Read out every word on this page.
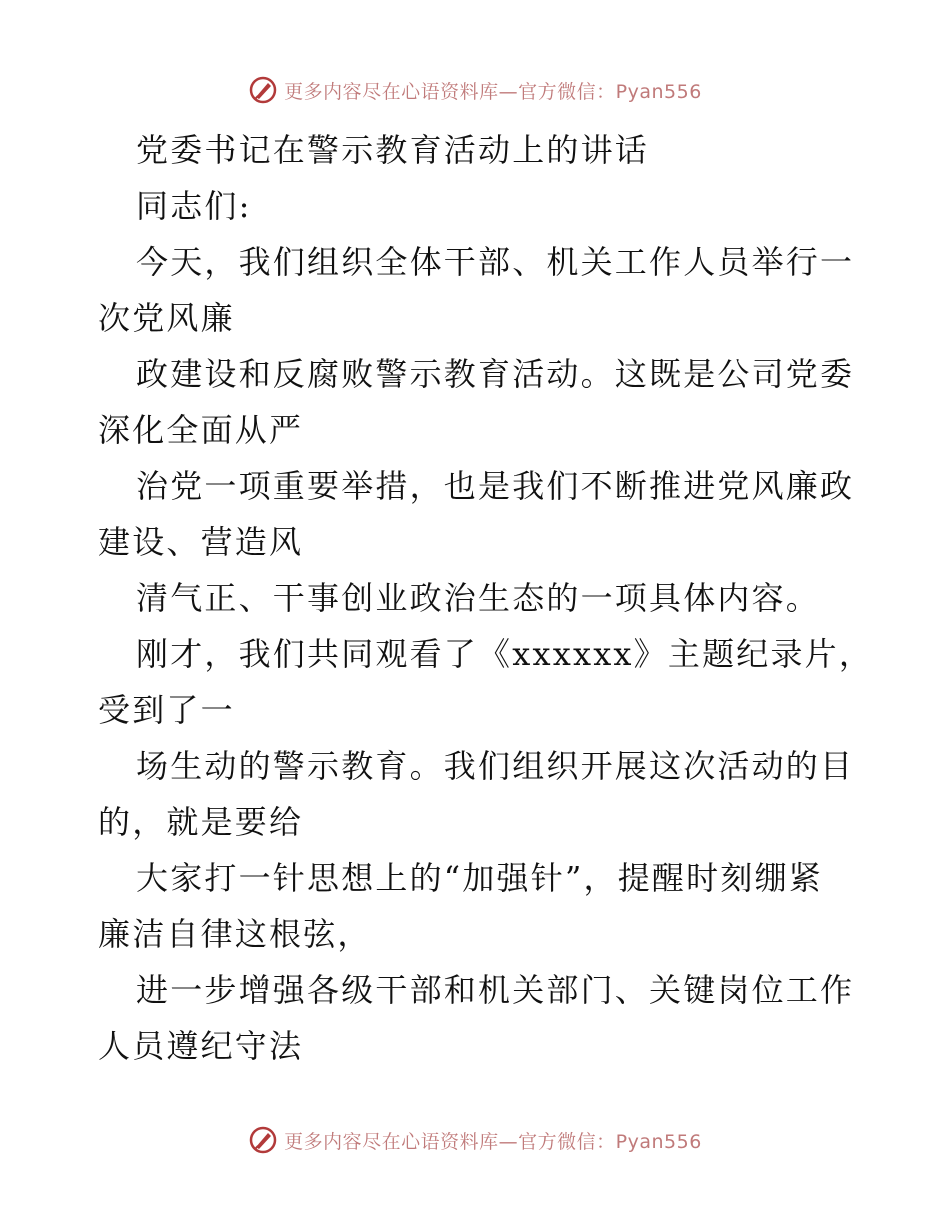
更多内容尽在心语资料库—官方微信：Pyan556
党委书记在警示教育活动上的讲话
同志们:
今天，我们组织全体干部、机关工作人员举行一
次党风廉
政建设和反腐败警示教育活动。这既是公司党委
深化全面从严
治党一项重要举措，也是我们不断推进党风廉政
建设、营造风
清气正、干事创业政治生态的一项具体内容。
刚才，我们共同观看了《xxxxxx》主题纪录片，
受到了一
场生动的警示教育。我们组织开展这次活动的目
的，就是要给
大家打一针思想上的“加强针”，提醒时刻绷紧
廉洁自律这根弦，
进一步增强各级干部和机关部门、关键岗位工作
人员遵纪守法
更多内容尽在心语资料库—官方微信：Pyan556
